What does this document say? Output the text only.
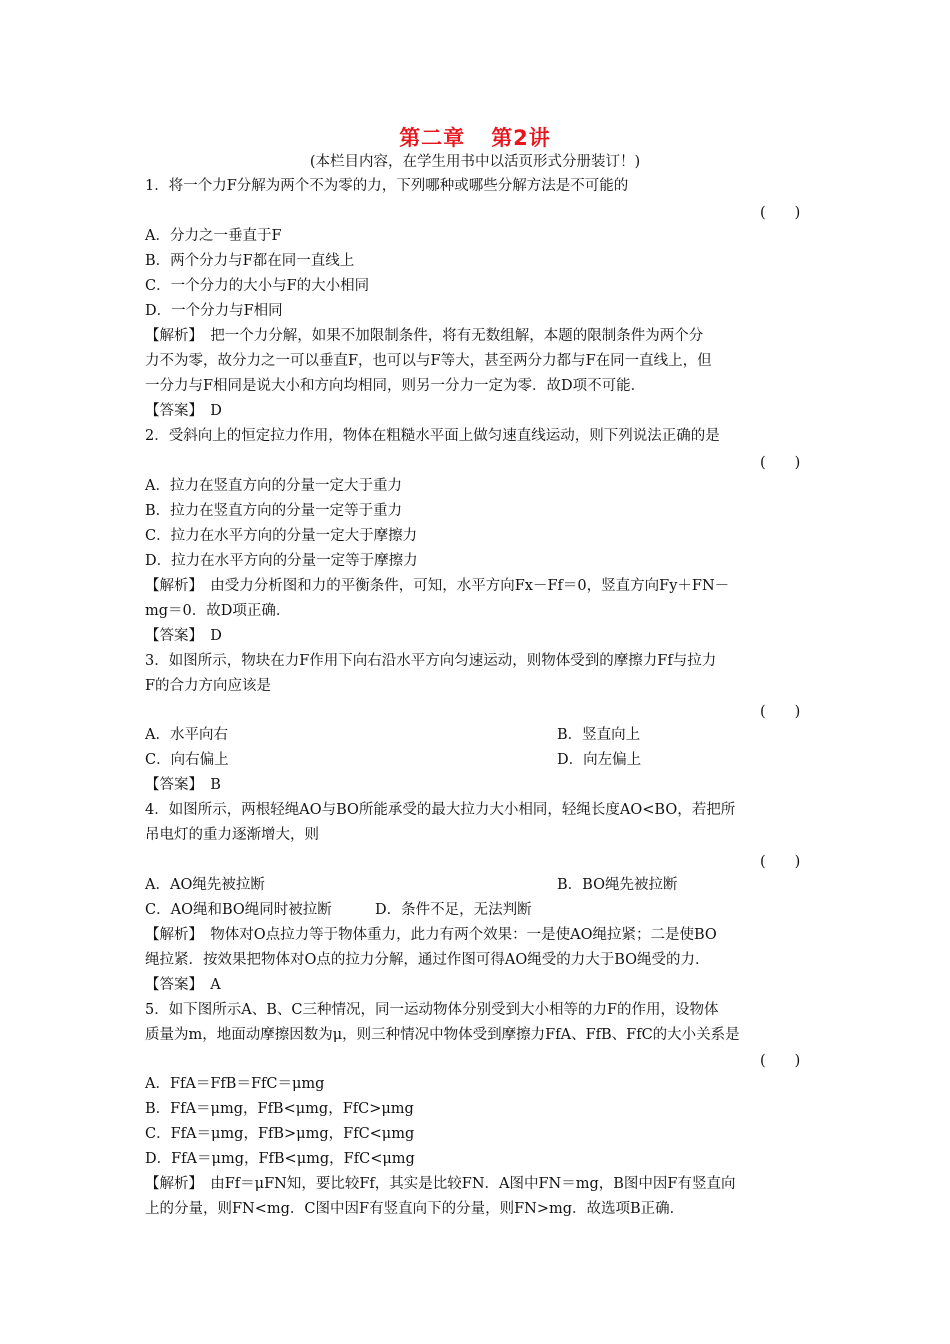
第二章 第2讲
(本栏目内容，在学生用书中以活页形式分册装订！)
1．将一个力F分解为两个不为零的力，下列哪种或哪些分解方法是不可能的
(　　)
A．分力之一垂直于F
B．两个分力与F都在同一直线上
C．一个分力的大小与F的大小相同
D．一个分力与F相同
【解析】　 把一个力分解，如果不加限制条件，将有无数组解，本题的限制条件为两个分
力不为零，故分力之一可以垂直F，也可以与F等大，甚至两分力都与F在同一直线上，但
一分力与F相同是说大小和方向均相同，则另一分力一定为零．故D项不可能．
【答案】　 D
2．受斜向上的恒定拉力作用，物体在粗糙水平面上做匀速直线运动，则下列说法正确的是
(　　)
A．拉力在竖直方向的分量一定大于重力
B．拉力在竖直方向的分量一定等于重力
C．拉力在水平方向的分量一定大于摩擦力
D．拉力在水平方向的分量一定等于摩擦力
【解析】　 由受力分析图和力的平衡条件，可知，水平方向Fx－Ff＝0，竖直方向Fy＋FN－
mg＝0．故D项正确．
【答案】　 D
3．如图所示，物块在力F作用下向右沿水平方向匀速运动，则物体受到的摩擦力Ff与拉力
F的合力方向应该是
(　　)
A．水平向右	B．竖直向上
C．向右偏上	D．向左偏上
【答案】　 B
4．如图所示，两根轻绳AO与BO所能承受的最大拉力大小相同，轻绳长度AO<BO，若把所
吊电灯的重力逐渐增大，则
(　　)
A．AO绳先被拉断	B．BO绳先被拉断
C．AO绳和BO绳同时被拉断	D．条件不足，无法判断
【解析】　 物体对O点拉力等于物体重力，此力有两个效果：一是使AO绳拉紧；二是使BO
绳拉紧．按效果把物体对O点的拉力分解，通过作图可得AO绳受的力大于BO绳受的力．
【答案】　 A
5．如下图所示A、B、C三种情况，同一运动物体分别受到大小相等的力F的作用，设物体
质量为m，地面动摩擦因数为μ，则三种情况中物体受到摩擦力FfA、FfB、FfC的大小关系是
(　　)
A．FfA＝FfB＝FfC＝μmg
B．FfA＝μmg，FfB<μmg，FfC>μmg
C．FfA＝μmg，FfB>μmg，FfC<μmg
D．FfA＝μmg，FfB<μmg，FfC<μmg
【解析】　 由Ff＝μFN知，要比较Ff，其实是比较FN．A图中FN＝mg，B图中因F有竖直向
上的分量，则FN<mg．C图中因F有竖直向下的分量，则FN>mg．故选项B正确．
